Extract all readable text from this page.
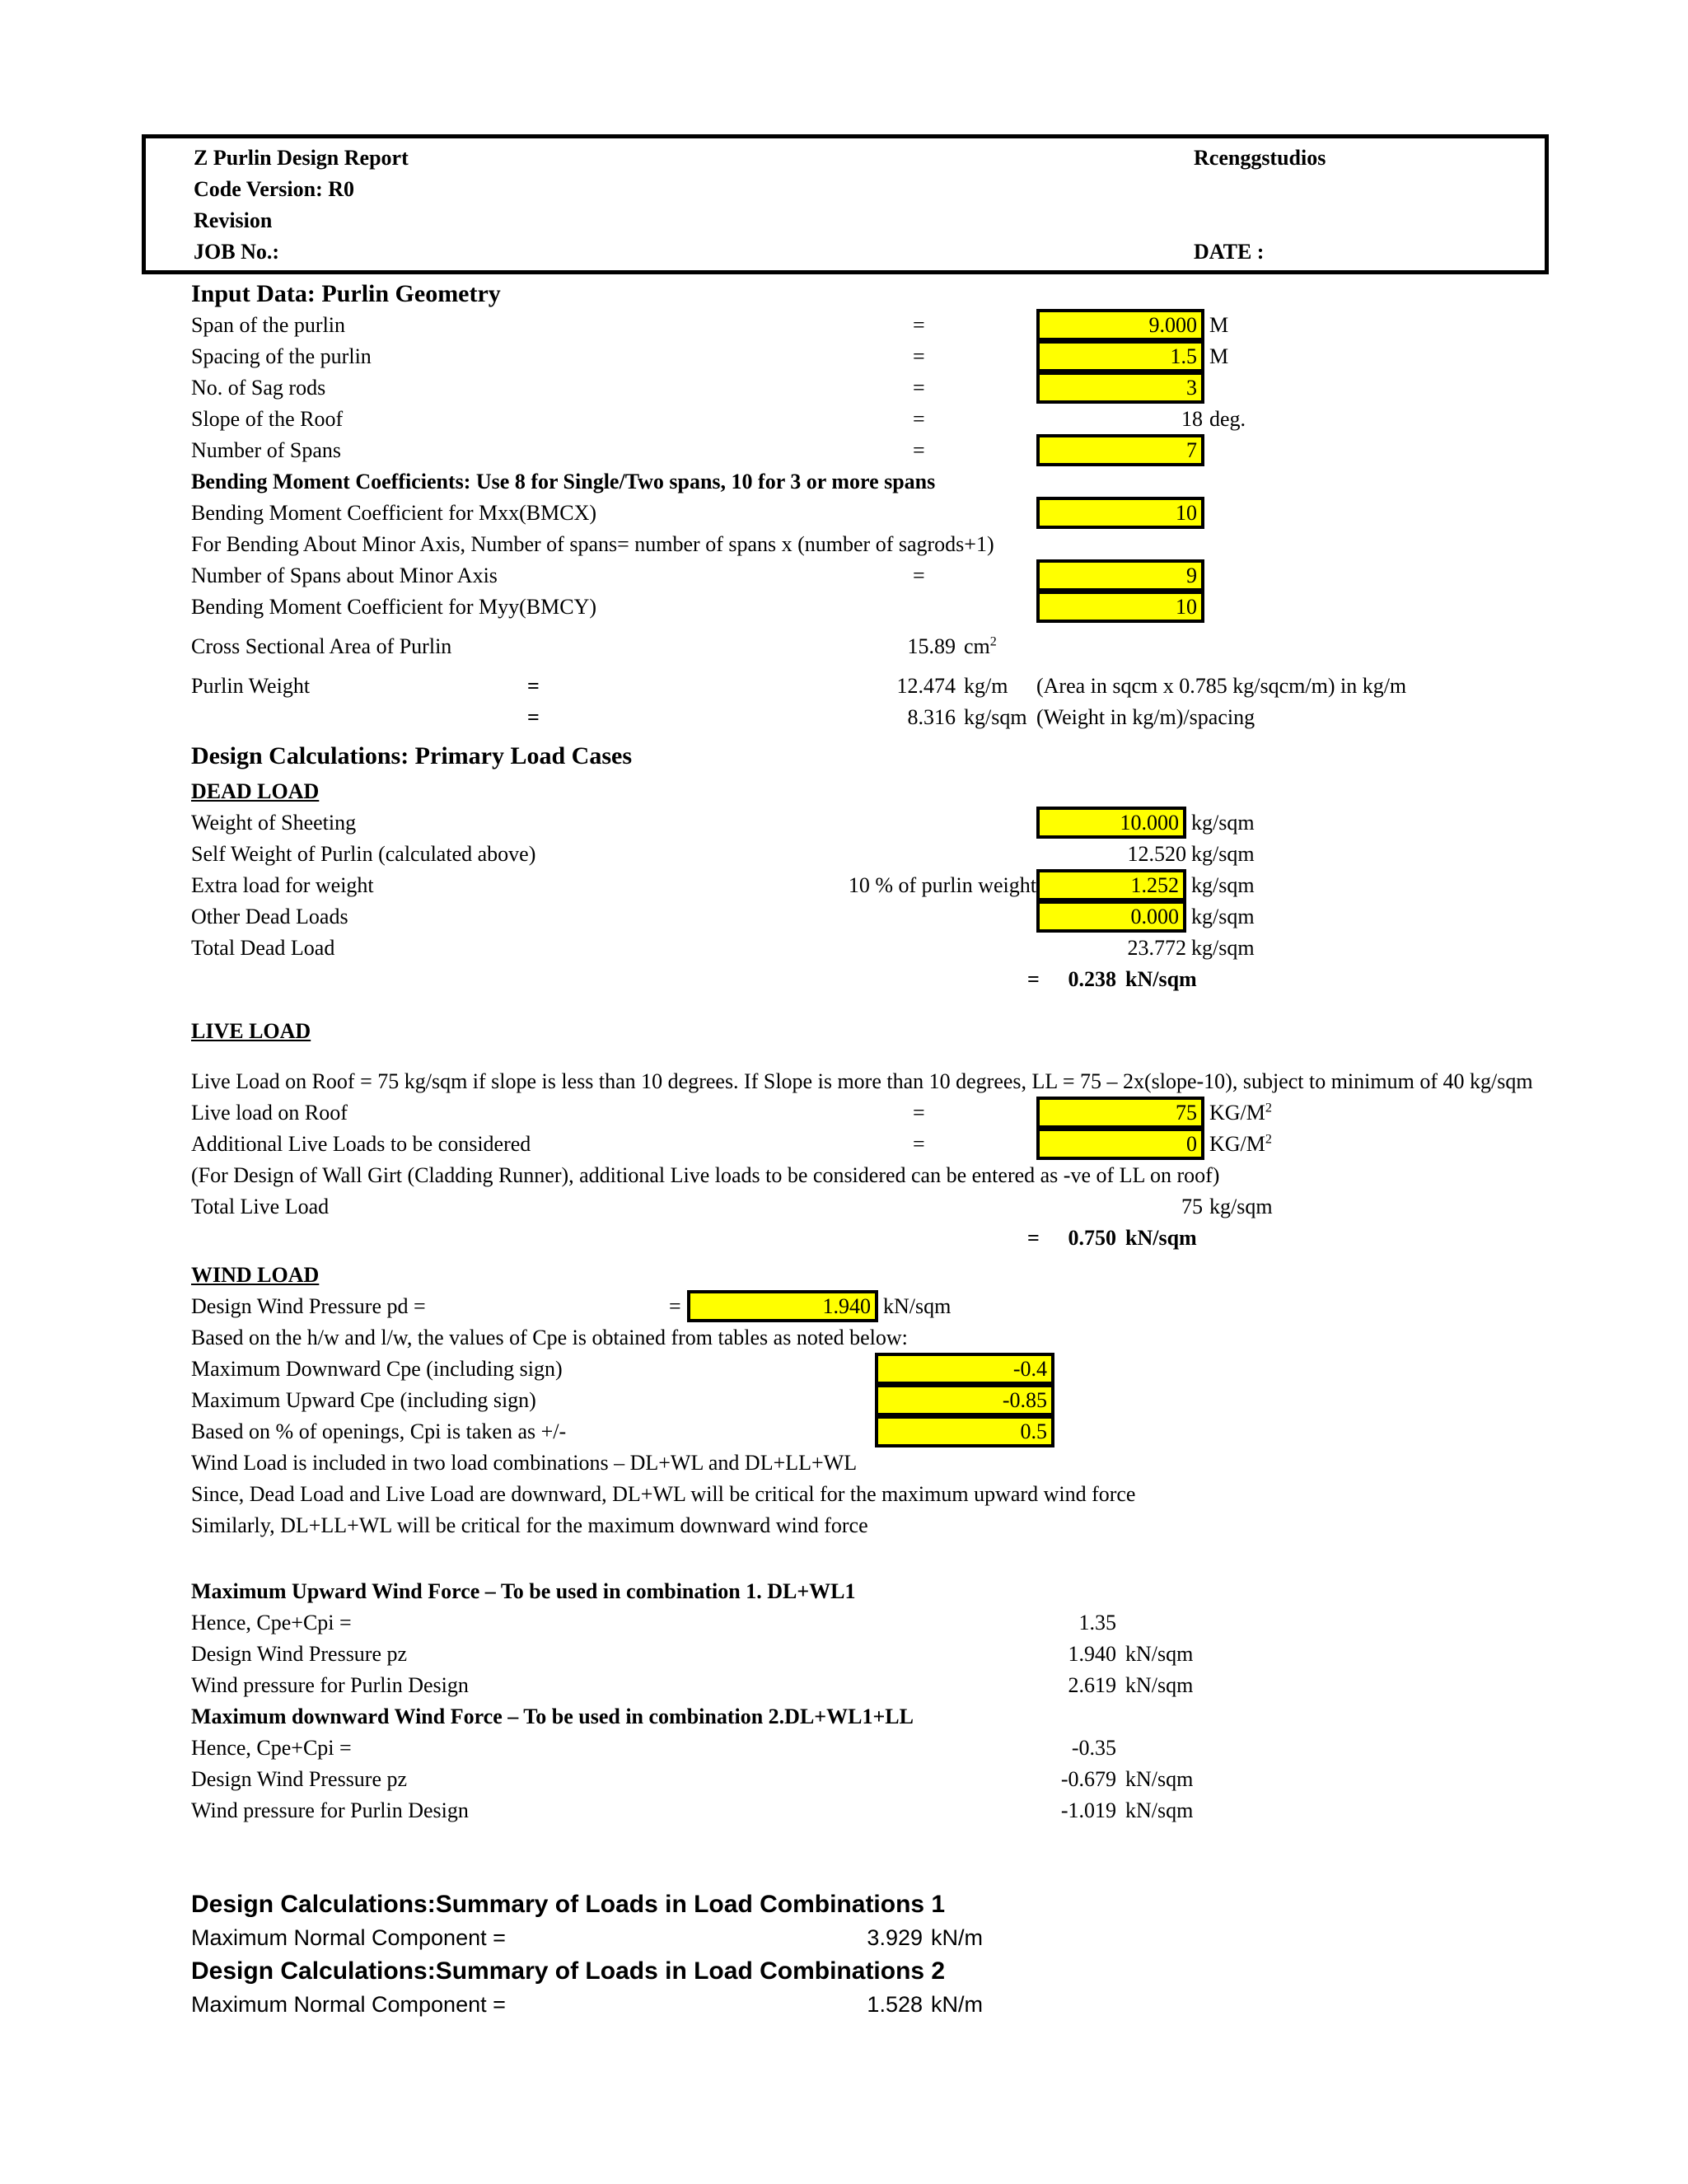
Z Purlin Design Report	Rcenggstudios
Code Version: R0
Revision
JOB No.:	DATE :
Input Data: Purlin Geometry
Span of the purlin	=	9.000 M
Spacing of the purlin	=	1.5 M
No. of Sag rods	=	3
Slope of the Roof	=	18 deg.
Number of Spans	=	7
Bending Moment Coefficients: Use 8 for Single/Two spans, 10 for 3 or more spans
Bending Moment Coefficient for Mxx(BMCX)	10
For Bending About Minor Axis, Number of spans= number of spans x (number of sagrods+1)
Number of Spans about Minor Axis	=	9
Bending Moment Coefficient for Myy(BMCY)	10
Cross Sectional Area of Purlin	15.89 $cm^2$
Purlin Weight	=	12.474 kg/m (Area in sqcm x 0.785 kg/sqcm/m) in kg/m
=	8.316 kg/sqm (Weight in kg/m)/spacing
Design Calculations: Primary Load Cases
DEAD LOAD
Weight of Sheeting	10.000 kg/sqm
Self Weight of Purlin (calculated above)	12.520 kg/sqm
Extra load for weight	10 % of purlin weight	1.252 kg/sqm
Other Dead Loads	0.000 kg/sqm
Total Dead Load	23.772 kg/sqm
=	0.238 kN/sqm
LIVE LOAD
Live Load on Roof = 75 kg/sqm if slope is less than 10 degrees. If Slope is more than 10 degrees, LL = 75 – 2x(slope-10), subject to minimum of 40 kg/sqm
Live load on Roof	=	75 $KG/M^2$
Additional Live Loads to be considered	=	0 $KG/M^2$
(For Design of Wall Girt (Cladding Runner), additional Live loads to be considered can be entered as -ve of LL on roof)
Total Live Load	75 kg/sqm
=	0.750 kN/sqm
WIND LOAD
Design Wind Pressure pd =	=	1.940 kN/sqm
Based on the h/w and l/w, the values of Cpe is obtained from tables as noted below:
Maximum Downward Cpe (including sign)	-0.4
Maximum Upward Cpe (including sign)	-0.85
Based on % of openings, Cpi is taken as +/-	0.5
Wind Load is included in two load combinations – DL+WL and DL+LL+WL
Since, Dead Load and Live Load are downward, DL+WL will be critical for the maximum upward wind force
Similarly, DL+LL+WL will be critical for the maximum downward wind force
Maximum Upward Wind Force – To be used in combination 1. DL+WL1
Hence, Cpe+Cpi =	1.35
Design Wind Pressure pz	1.940 kN/sqm
Wind pressure for Purlin Design	2.619 kN/sqm
Maximum downward Wind Force – To be used in combination 2.DL+WL1+LL
Hence, Cpe+Cpi =	-0.35
Design Wind Pressure pz	-0.679 kN/sqm
Wind pressure for Purlin Design	-1.019 kN/sqm
Design Calculations:Summary of Loads in Load Combinations 1
Maximum Normal Component =	3.929 kN/m
Design Calculations:Summary of Loads in Load Combinations 2
Maximum Normal Component =	1.528 kN/m
